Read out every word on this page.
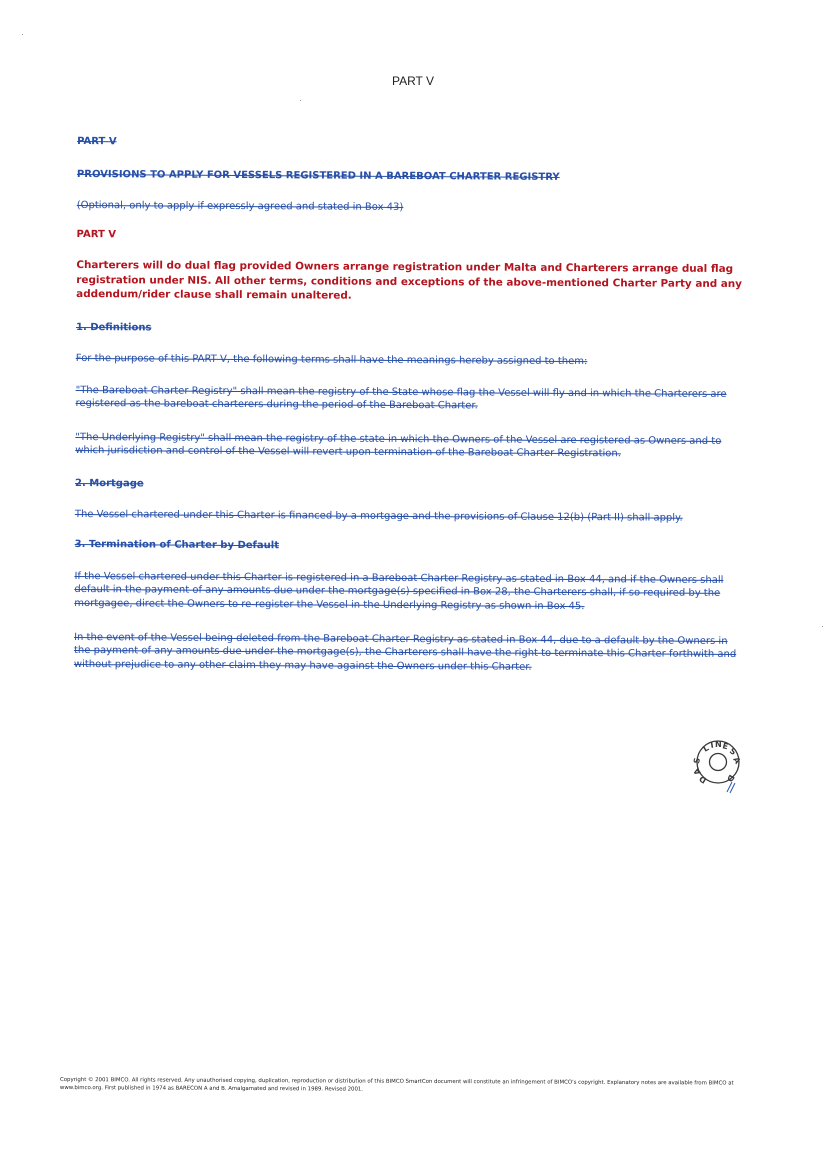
PART V

PART V

PROVISIONS TO APPLY FOR VESSELS REGISTERED IN A BAREBOAT CHARTER REGISTRY

(Optional, only to apply if expressly agreed and stated in Box 43)

PART V

Charterers will do dual flag provided Owners arrange registration under Malta and Charterers arrange dual flag registration under NIS. All other terms, conditions and exceptions of the above-mentioned Charter Party and any addendum/rider clause shall remain unaltered.

1. Definitions

For the purpose of this PART V, the following terms shall have the meanings hereby assigned to them:

"The Bareboat Charter Registry" shall mean the registry of the State whose flag the Vessel will fly and in which the Charterers are registered as the bareboat charterers during the period of the Bareboat Charter.

"The Underlying Registry" shall mean the registry of the state in which the Owners of the Vessel are registered as Owners and to which jurisdiction and control of the Vessel will revert upon termination of the Bareboat Charter Registration.

2. Mortgage

The Vessel chartered under this Charter is financed by a mortgage and the provisions of Clause 12(b) (Part II) shall apply.

3. Termination of Charter by Default

If the Vessel chartered under this Charter is registered in a Bareboat Charter Registry as stated in Box 44, and if the Owners shall default in the payment of any amounts due under the mortgage(s) specified in Box 28, the Charterers shall, if so required by the mortgagee, direct the Owners to re-register the Vessel in the Underlying Registry as shown in Box 45.

In the event of the Vessel being deleted from the Bareboat Charter Registry as stated in Box 44, due to a default by the Owners in the payment of any amounts due under the mortgage(s), the Charterers shall have the right to terminate this Charter forthwith and without prejudice to any other claim they may have against the Owners under this Charter.

L I N E
S
A
S
A
D D
Copyright © 2001 BIMCO. All rights reserved. Any unauthorised copying, duplication, reproduction or distribution of this BIMCO SmartCon document will constitute an infringement of BIMCO's copyright. Explanatory notes are available from BIMCO at www.bimco.org. First published in 1974 as BARECON A and B. Amalgamated and revised in 1989. Revised 2001.
